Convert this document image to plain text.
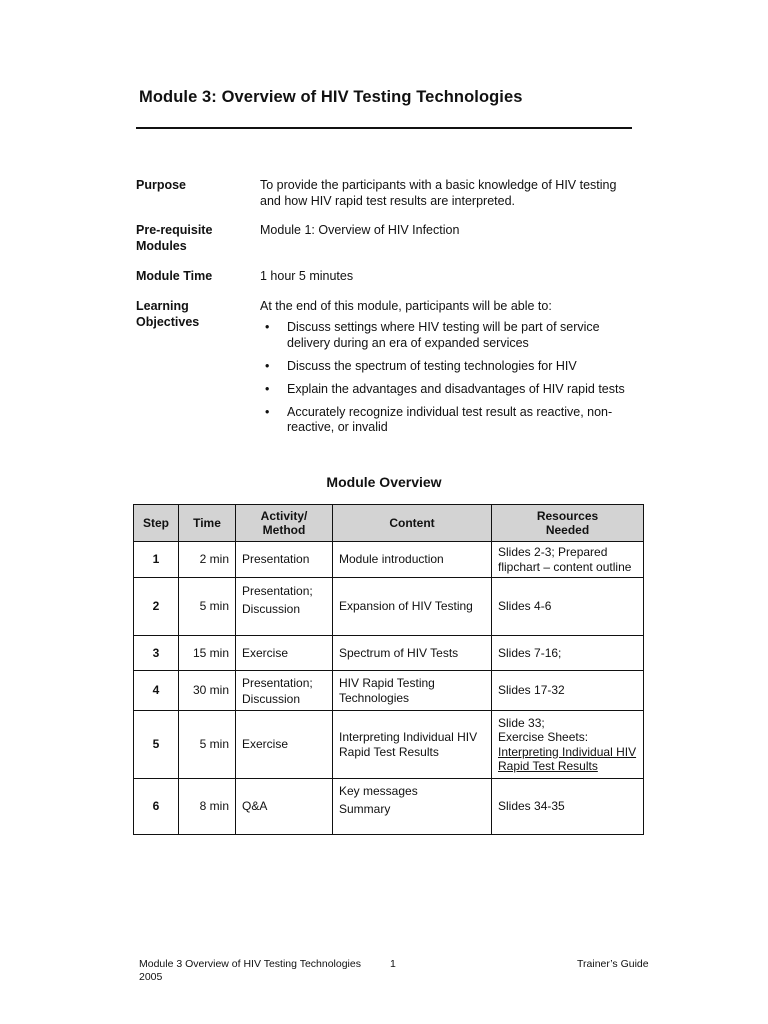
Module 3: Overview of HIV Testing Technologies
Purpose	To provide the participants with a basic knowledge of HIV testing and how HIV rapid test results are interpreted.
Pre-requisite Modules
Module 1: Overview of HIV Infection
Module Time	1 hour 5 minutes
Learning Objectives
At the end of this module, participants will be able to:
• Discuss settings where HIV testing will be part of service delivery during an era of expanded services
• Discuss the spectrum of testing technologies for HIV
• Explain the advantages and disadvantages of HIV rapid tests
• Accurately recognize individual test result as reactive, non-reactive, or invalid
Module Overview
Step	Time	Activity/ Method	Content	Resources Needed

1	2 min	Presentation	Module introduction	Slides 2-3; Prepared flipchart – content outline
2	5 min	Presentation;
Discussion	Expansion of HIV Testing	Slides 4-6
3	15 min	Exercise	Spectrum of HIV Tests	Slides 7-16;
4	30 min	Presentation;
Discussion	HIV Rapid Testing Technologies	Slides 17-32
5	5 min	Exercise	Interpreting Individual HIV Rapid Test Results	Slide 33;
Exercise Sheets:
Interpreting Individual HIV Rapid Test Results

6	8 min	Q&A	Key messages
Summary	Slides 34-35
Module 3 Overview of HIV Testing Technologies
2005
1	Trainer’s Guide
